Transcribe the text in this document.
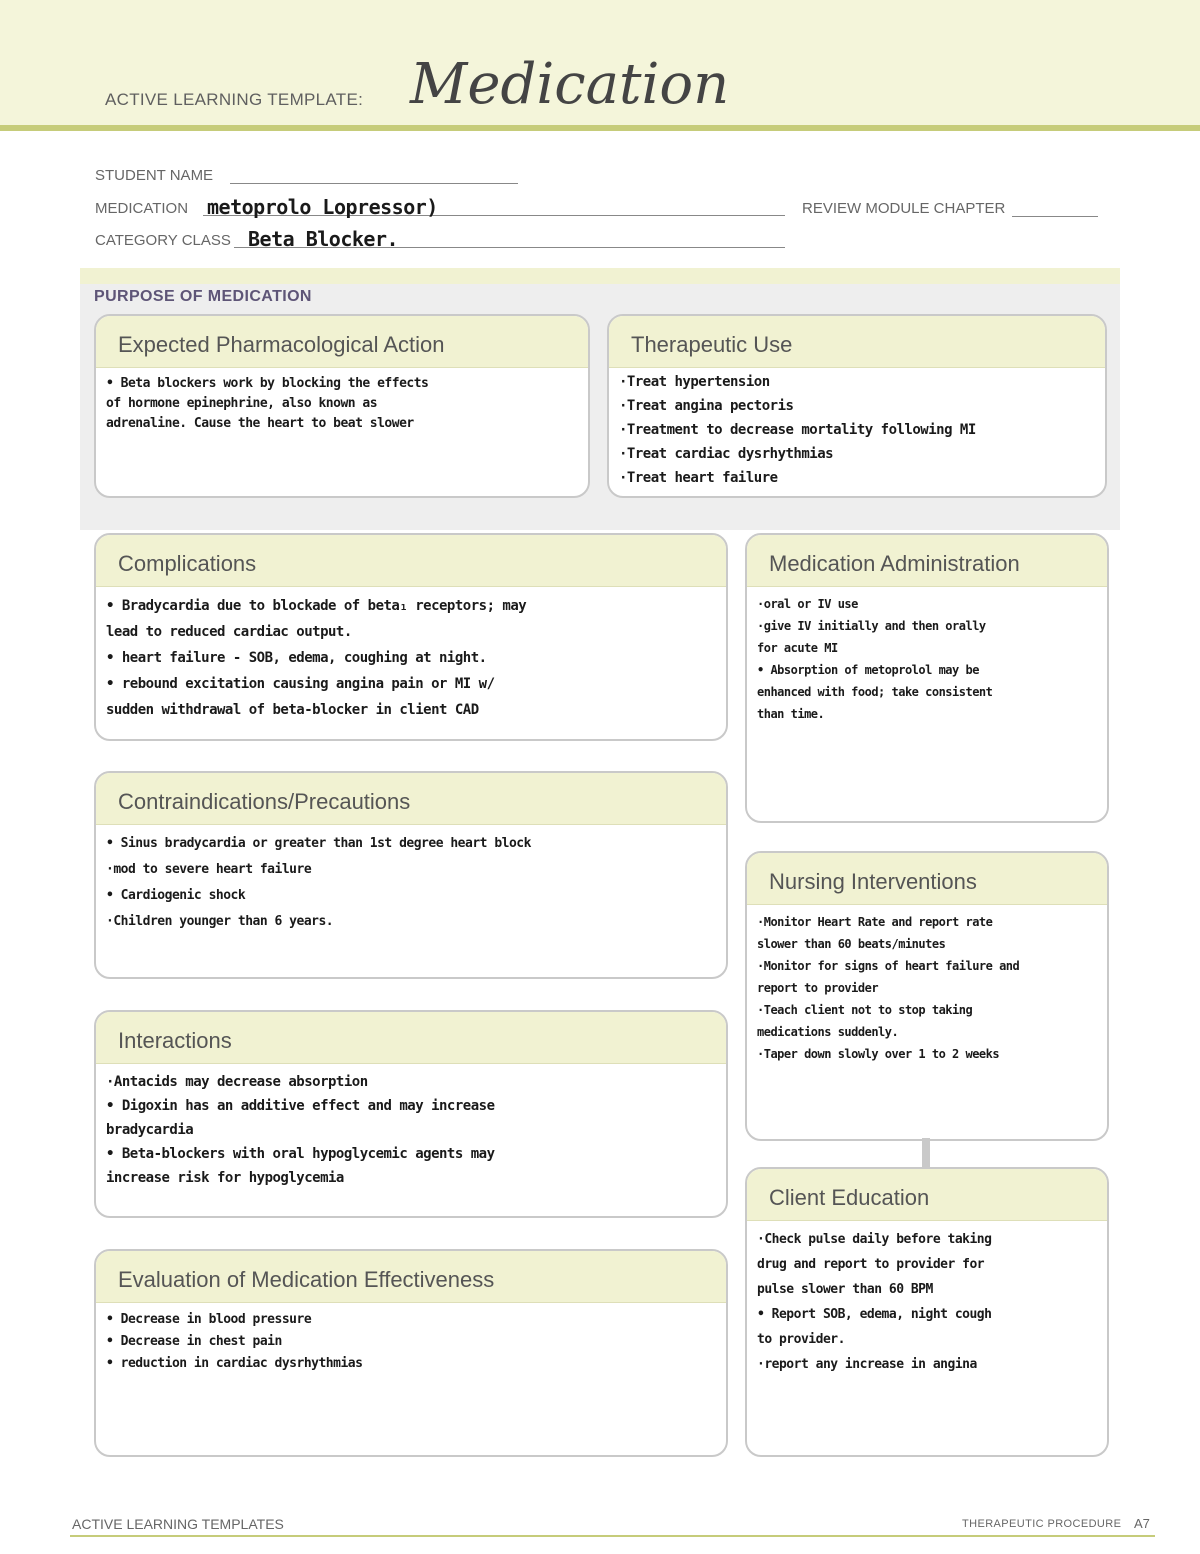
ACTIVE LEARNING TEMPLATE: Medication
STUDENT NAME
MEDICATION metoprolo Lopressor)	REVIEW MODULE CHAPTER
CATEGORY CLASS Beta Blocker.
PURPOSE OF MEDICATION
Expected Pharmacological Action
• Beta blockers work by blocking the effects
of hormone epinephrine, also known as
adrenaline. Cause the heart to beat slower
Therapeutic Use
·Treat hypertension
·Treat angina pectoris
·Treatment to decrease mortality following MI
·Treat cardiac dysrhythmias
·Treat heart failure
Complications
• Bradycardia due to blockade of beta₁ receptors; may
lead to reduced cardiac output.
• heart failure - SOB, edema, coughing at night.
• rebound excitation causing angina pain or MI w/
sudden withdrawal of beta-blocker in client CAD
Medication Administration
·oral or IV use
·give IV initially and then orally
for acute MI
• Absorption of metoprolol may be
enhanced with food; take consistent
than time.
Contraindications/Precautions
• Sinus bradycardia or greater than 1st degree heart block
·mod to severe heart failure
• Cardiogenic shock
·Children younger than 6 years.
Nursing Interventions
·Monitor Heart Rate and report rate
slower than 60 beats/minutes
·Monitor for signs of heart failure and
report to provider
·Teach client not to stop taking
medications suddenly.
·Taper down slowly over 1 to 2 weeks
Interactions
·Antacids may decrease absorption
• Digoxin has an additive effect and may increase
bradycardia
• Beta-blockers with oral hypoglycemic agents may
increase risk for hypoglycemia
Client Education
·Check pulse daily before taking
drug and report to provider for
pulse slower than 60 BPM
• Report SOB, edema, night cough
to provider.
·report any increase in angina
Evaluation of Medication Effectiveness
• Decrease in blood pressure
• Decrease in chest pain
• reduction in cardiac dysrhythmias
ACTIVE LEARNING TEMPLATES	THERAPEUTIC PROCEDURE A7
